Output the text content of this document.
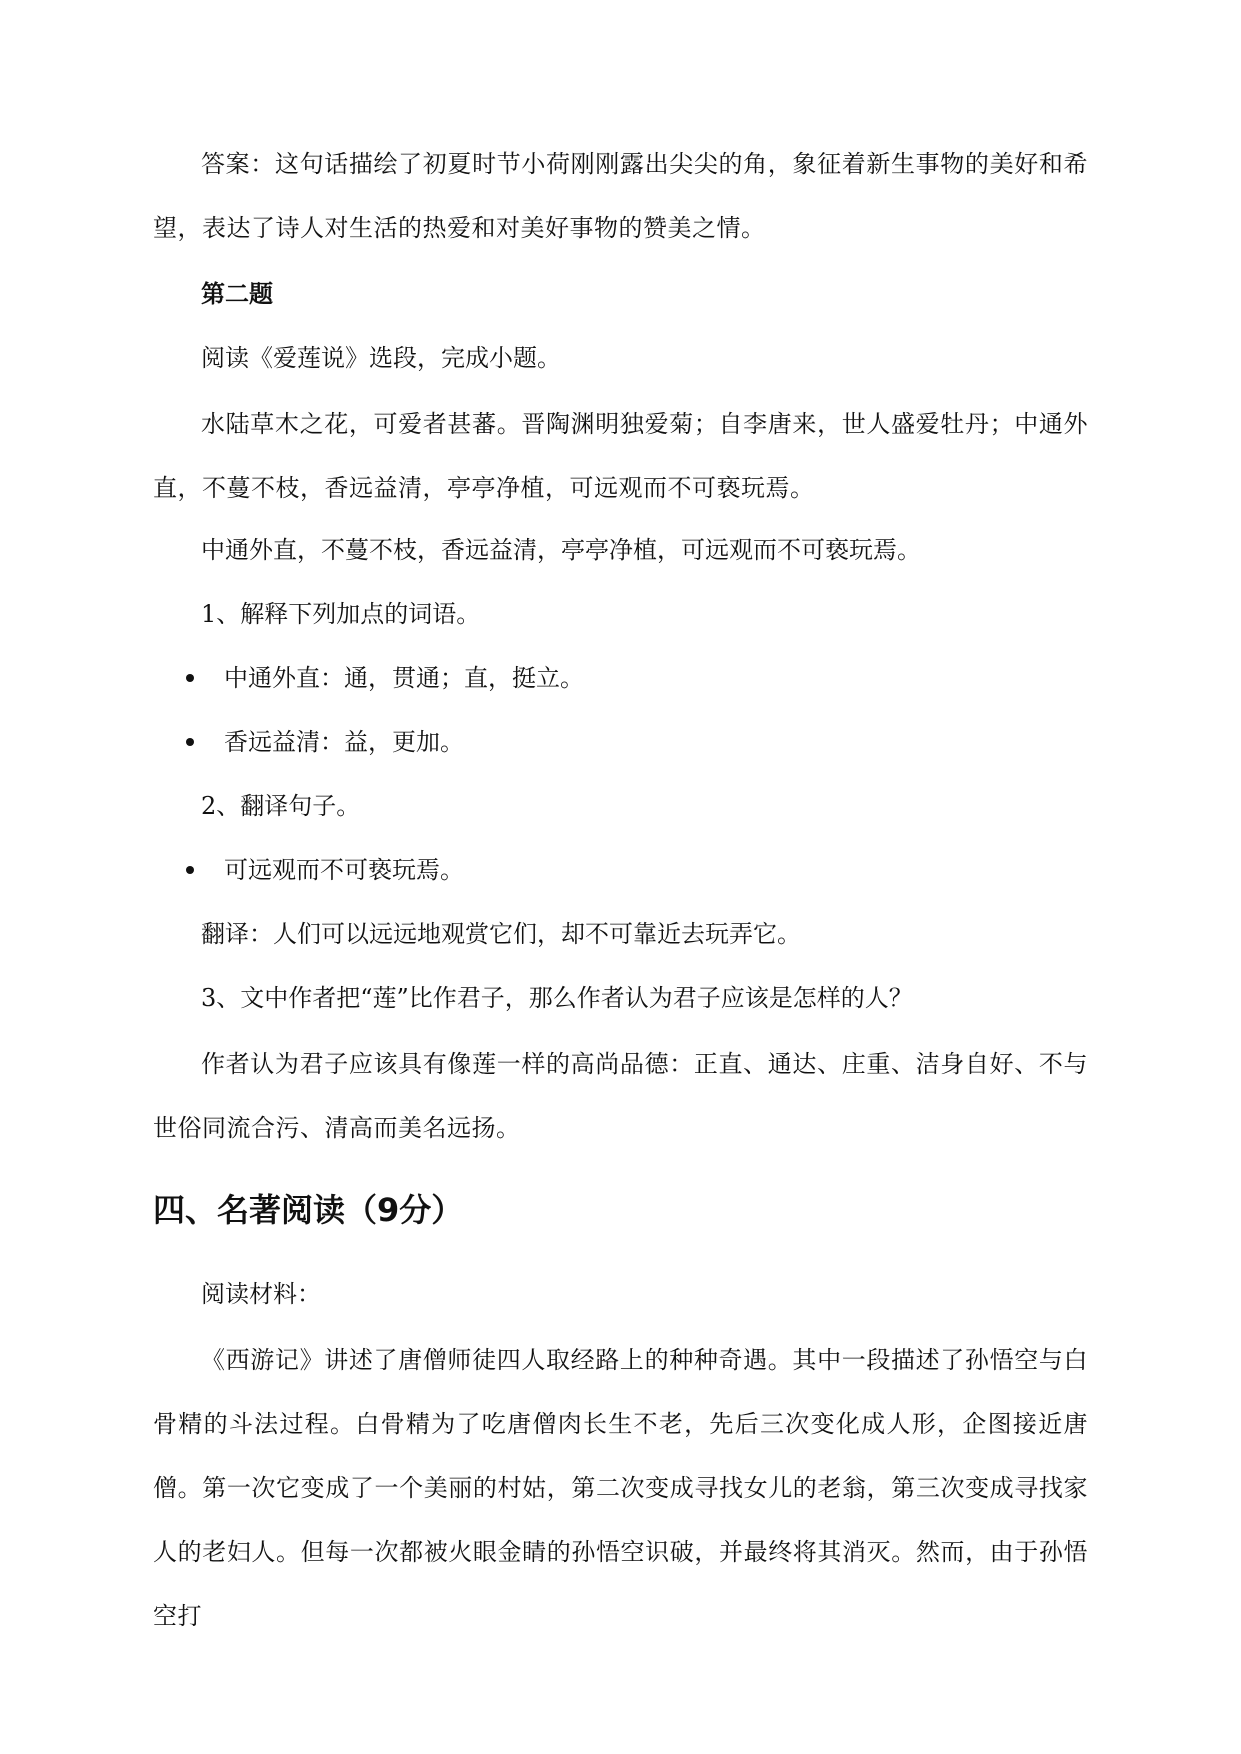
答案：这句话描绘了初夏时节小荷刚刚露出尖尖的角，象征着新生事物的美好和希望，表达了诗人对生活的热爱和对美好事物的赞美之情。

第二题

阅读《爱莲说》选段，完成小题。

水陆草木之花，可爱者甚蕃。晋陶渊明独爱菊；自李唐来，世人盛爱牡丹；中通外直，不蔓不枝，香远益清，亭亭净植，可远观而不可亵玩焉。

中通外直，不蔓不枝，香远益清，亭亭净植，可远观而不可亵玩焉。

1、解释下列加点的词语。

中通外直：通，贯通；直，挺立。
香远益清：益，更加。

2、翻译句子。

可远观而不可亵玩焉。

翻译：人们可以远远地观赏它们，却不可靠近去玩弄它。

3、文中作者把“莲”比作君子，那么作者认为君子应该是怎样的人？

作者认为君子应该具有像莲一样的高尚品德：正直、通达、庄重、洁身自好、不与世俗同流合污、清高而美名远扬。

四、名著阅读（9分）

阅读材料：

《西游记》讲述了唐僧师徒四人取经路上的种种奇遇。其中一段描述了孙悟空与白骨精的斗法过程。白骨精为了吃唐僧肉长生不老，先后三次变化成人形，企图接近唐僧。第一次它变成了一个美丽的村姑，第二次变成寻找女儿的老翁，第三次变成寻找家人的老妇人。但每一次都被火眼金睛的孙悟空识破，并最终将其消灭。然而，由于孙悟空打
